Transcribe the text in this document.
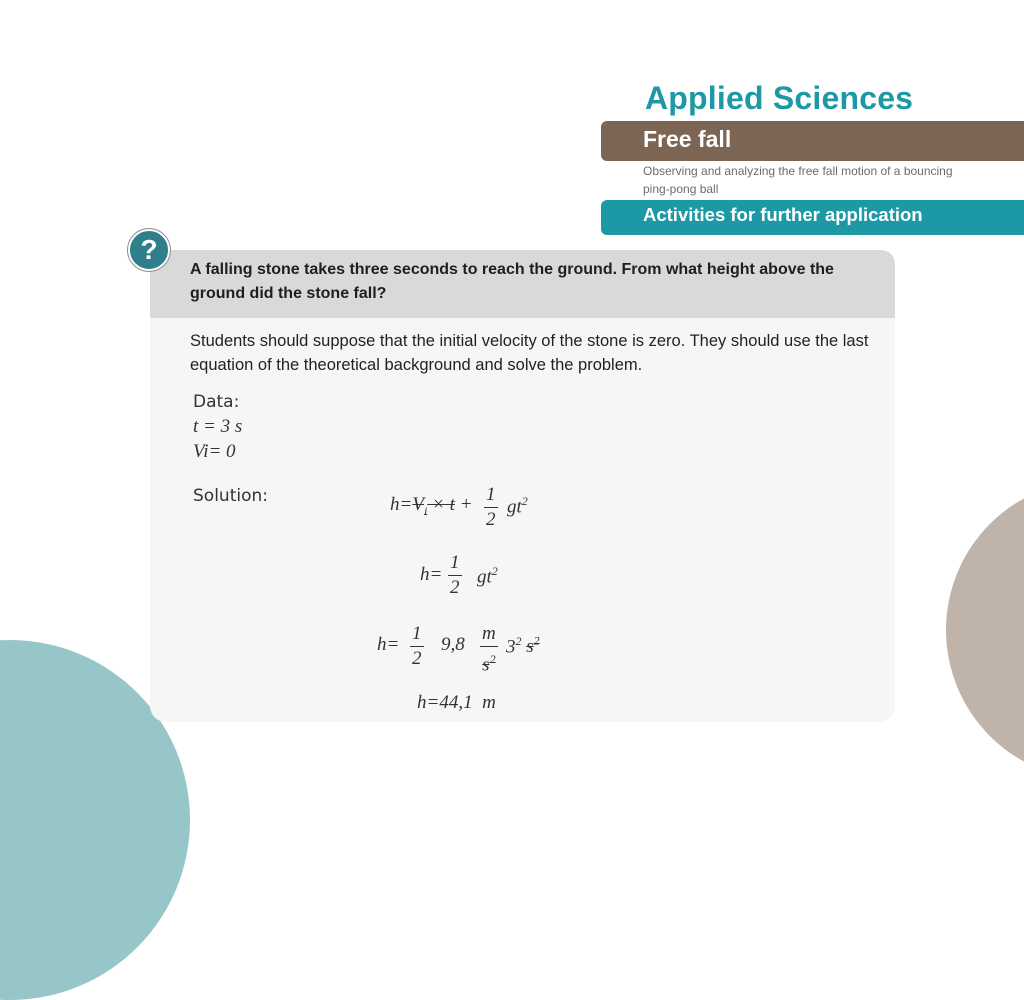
Applied Sciences
Free fall
Observing and analyzing the free fall motion of a bouncing ping-pong ball
Activities for further application
?
A falling stone takes three seconds to reach the ground. From what height above the ground did the stone fall?
Students should suppose that the initial velocity of the stone is zero. They should use the last equation of the theoretical background and solve the problem.
Data:
t = 3 s
Vi= 0
Solution:	$h=V_i \times t + 1$
2
$gt^2$
h=
1
2
$gt^2$
h=
1
2
9,8
m
$s^2$
$3^2$ $s^2$
h=44,1  m
